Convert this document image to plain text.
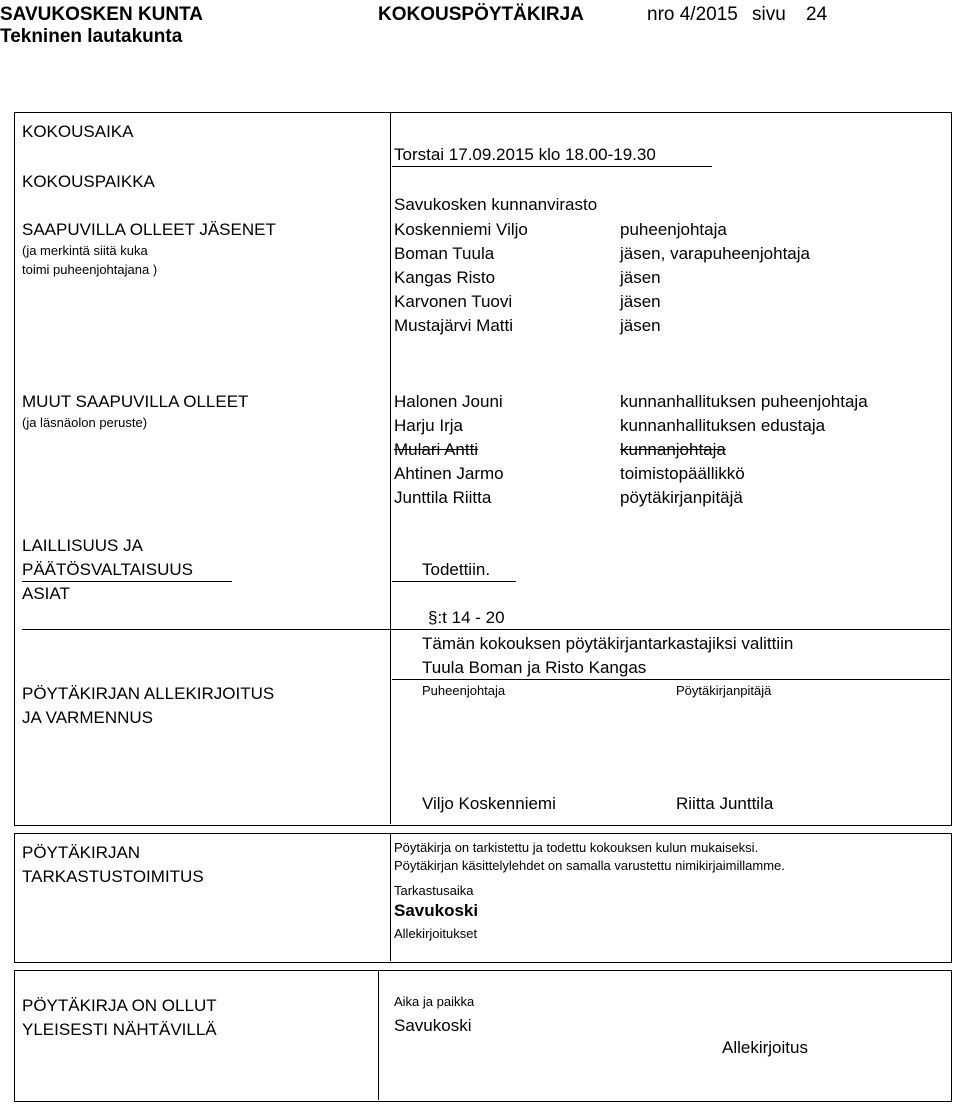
SAVUKOSKEN KUNTA	KOKOUSPÖYTÄKIRJA	nro 4/2015 sivu 24
Tekninen lautakunta
KOKOUSAIKA
Torstai 17.09.2015 klo 18.00-19.30
KOKOUSPAIKKA
Savukosken kunnanvirasto
SAAPUVILLA OLLEET JÄSENET
(ja merkintä siitä kuka
toimi puheenjohtajana )
Koskenniemi Viljo	puheenjohtaja
Boman Tuula	jäsen, varapuheenjohtaja
Kangas Risto	jäsen
Karvonen Tuovi	jäsen
Mustajärvi Matti	jäsen
MUUT SAAPUVILLA OLLEET
(ja läsnäolon peruste)
Halonen Jouni	kunnanhallituksen puheenjohtaja
Harju Irja	kunnanhallituksen edustaja
Mulari Antti	kunnanjohtaja
Ahtinen Jarmo	toimistopäällikkö
Junttila Riitta	pöytäkirjanpitäjä
LAILLISUUS JA
PÄÄTÖSVALTAISUUS	Todettiin.
ASIAT
§:t 14 - 20
Tämän kokouksen pöytäkirjantarkastajiksi valittiin
Tuula Boman ja Risto Kangas
PÖYTÄKIRJAN ALLEKIRJOITUS
JA VARMENNUS
Puheenjohtaja	Pöytäkirjanpitäjä
Viljo Koskenniemi	Riitta Junttila
PÖYTÄKIRJAN
TARKASTUSTOIMITUS
Pöytäkirja on tarkistettu ja todettu kokouksen kulun mukaiseksi.
Pöytäkirjan käsittelylehdet on samalla varustettu nimikirjaimillamme.
Tarkastusaika
Savukoski
Allekirjoitukset
PÖYTÄKIRJA ON OLLUT
YLEISESTI NÄHTÄVILLÄ
Aika ja paikka
Savukoski
Allekirjoitus
